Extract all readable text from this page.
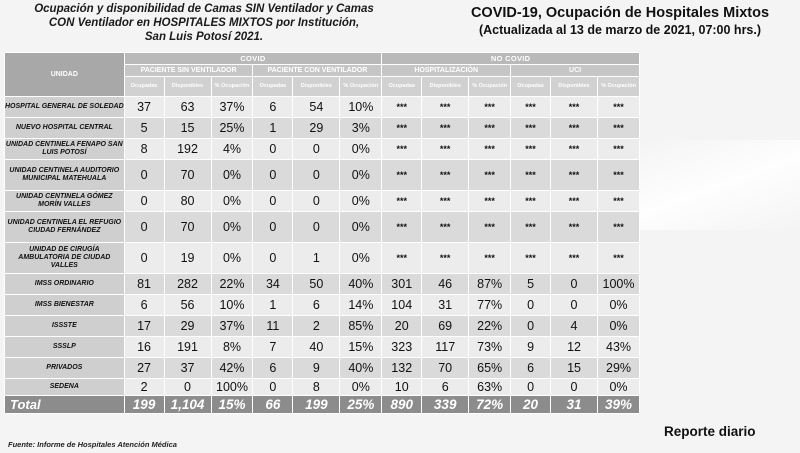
Ocupación y disponibilidad de Camas SIN Ventilador y Camas
CON Ventilador en HOSPITALES MIXTOS por Institución,
San Luis Potosí 2021.
COVID-19, Ocupación de Hospitales Mixtos
(Actualizada al 13 de marzo de 2021, 07:00 hrs.)
UNIDAD	COVID						NO COVID					
	PACIENTE SIN VENTILADOR			PACIENTE CON VENTILADOR			HOSPITALIZACIÓN			UCI		
	Ocupadas	Disponibles	% Ocupación	Ocupadas	Disponibles	% Ocupación	Ocupadas	Disponibles	% Ocupación	Ocupadas	Disponibles	% Ocupación
HOSPITAL GENERAL DE SOLEDAD	37	63	37%	6	54	10%	***	***	***	***	***	***
NUEVO HOSPITAL CENTRAL	5	15	25%	1	29	3%	***	***	***	***	***	***
UNIDAD CENTINELA FENAPO SAN LUIS POTOSÍ	8	192	4%	0	0	0%	***	***	***	***	***	***
UNIDAD CENTINELA AUDITORIO MUNICIPAL MATEHUALA	0	70	0%	0	0	0%	***	***	***	***	***	***
UNIDAD CENTINELA GÓMEZ MORÍN VALLES	0	80	0%	0	0	0%	***	***	***	***	***	***
UNIDAD CENTINELA EL REFUGIO CIUDAD FERNÁNDEZ	0	70	0%	0	0	0%	***	***	***	***	***	***
UNIDAD DE CIRUGÍA AMBULATORIA DE CIUDAD VALLES	0	19	0%	0	1	0%	***	***	***	***	***	***
IMSS ORDINARIO	81	282	22%	34	50	40%	301	46	87%	5	0	100%
IMSS BIENESTAR	6	56	10%	1	6	14%	104	31	77%	0	0	0%
ISSSTE	17	29	37%	11	2	85%	20	69	22%	0	4	0%
SSSLP	16	191	8%	7	40	15%	323	117	73%	9	12	43%
PRIVADOS	27	37	42%	6	9	40%	132	70	65%	6	15	29%
SEDENA	2	0	100%	0	8	0%	10	6	63%	0	0	0%
Total	199	1,104	15%	66	199	25%	890	339	72%	20	31	39%
Fuente: Informe de Hospitales Atención Médica
Reporte diario
